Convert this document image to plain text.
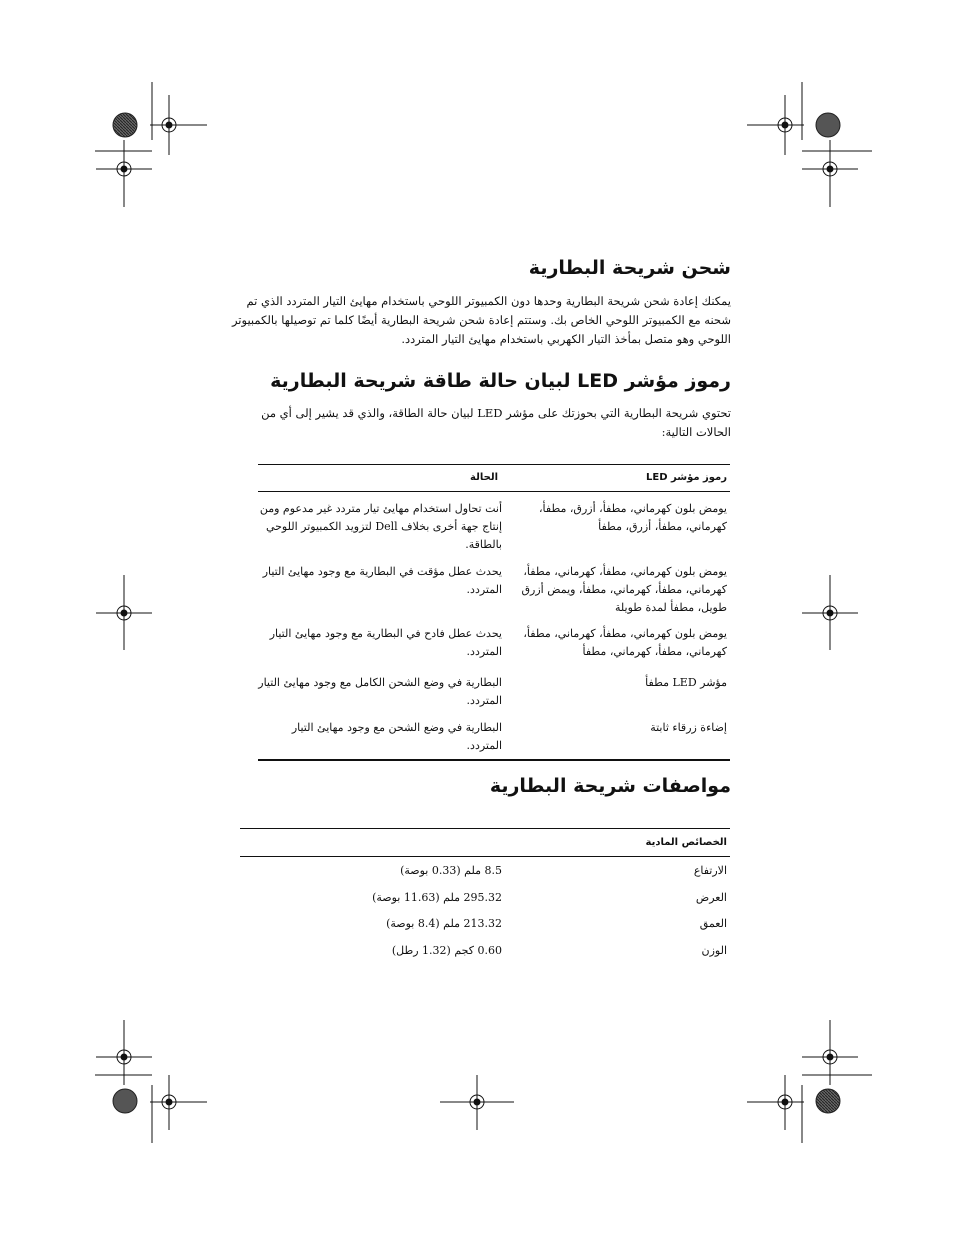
شحن شريحة البطارية

يمكنك إعادة شحن شريحة البطارية وحدها دون الكمبيوتر اللوحي باستخدام مهايئ التيار المتردد الذي تم شحنه مع الكمبيوتر اللوحي الخاص بك. وستتم إعادة شحن شريحة البطارية أيضًا كلما تم توصيلها بالكمبيوتر اللوحي وهو متصل بمأخذ التيار الكهربي باستخدام مهايئ التيار المتردد.

رموز مؤشر LED لبيان حالة طاقة شريحة البطارية

تحتوي شريحة البطارية التي بحوزتك على مؤشر LED لبيان حالة الطاقة، والذي قد يشير إلى أي من الحالات التالية:

رموز مؤشر LED
الحالة
يومض بلون كهرماني، مطفأ، أزرق، مطفأ، كهرماني، مطفأ، أزرق، مطفأ
أنت تحاول استخدام مهايئ تيار متردد غير مدعوم ومن إنتاج جهة أخرى بخلاف Dell لتزويد الكمبيوتر اللوحي بالطاقة.
يومض بلون كهرماني، مطفأ، كهرماني، مطفأ، كهرماني، مطفأ، كهرماني، مطفأ، ويمض أزرق طويل، مطفأ لمدة طويلة
يحدث عطل مؤقت في البطارية مع وجود مهايئ التيار المتردد.
يومض بلون كهرماني، مطفأ، كهرماني، مطفأ، كهرماني، مطفأ، كهرماني، مطفأ
يحدث عطل فادح في البطارية مع وجود مهايئ التيار المتردد.
مؤشر LED مطفأ
البطارية في وضع الشحن الكامل مع وجود مهايئ التيار المتردد.
إضاءة زرقاء ثابتة
البطارية في وضع الشحن مع وجود مهايئ التيار المتردد.
مواصفات شريحة البطارية
الخصائص المادية
الارتفاع
8.5 ملم (0.33 بوصة)
العرض
295.32 ملم (11.63 بوصة)
العمق
213.32 ملم (8.4 بوصة)
الوزن
0.60 كجم (1.32 رطل)
